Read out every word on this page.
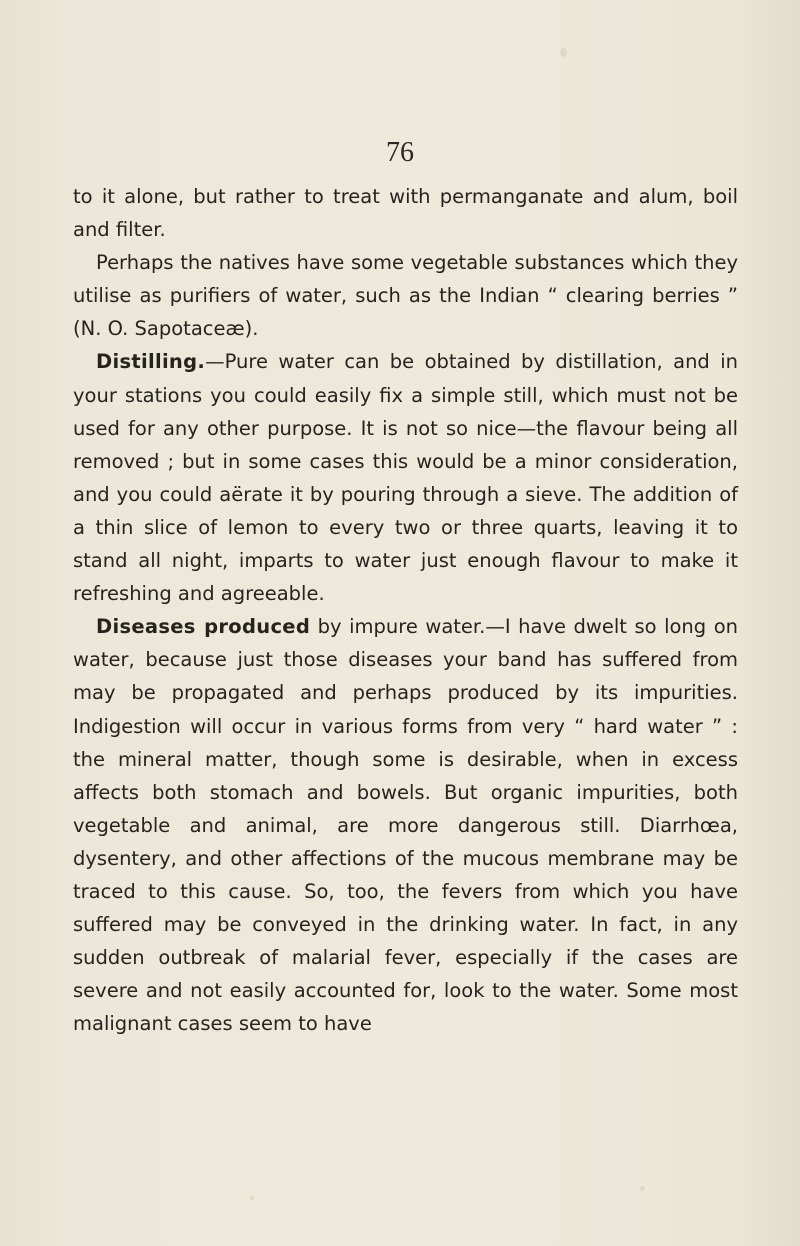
76

to it alone, but rather to treat with permanganate and alum, boil and filter.

Perhaps the natives have some vegetable substances which they utilise as purifiers of water, such as the Indian “ clearing berries ” (N. O. Sapotaceæ).

Distilling.—Pure water can be obtained by distillation, and in your stations you could easily fix a simple still, which must not be used for any other purpose. It is not so nice—the flavour being all removed ; but in some cases this would be a minor consideration, and you could aërate it by pouring through a sieve. The addition of a thin slice of lemon to every two or three quarts, leaving it to stand all night, imparts to water just enough flavour to make it refreshing and agreeable.

Diseases produced by impure water.—I have dwelt so long on water, because just those diseases your band has suffered from may be propagated and perhaps produced by its impurities. Indigestion will occur in various forms from very “ hard water ” : the mineral matter, though some is desirable, when in excess affects both stomach and bowels. But organic impurities, both vegetable and animal, are more dangerous still. Diarrhœa, dysentery, and other affections of the mucous membrane may be traced to this cause. So, too, the fevers from which you have suffered may be conveyed in the drinking water. In fact, in any sudden outbreak of malarial fever, especially if the cases are severe and not easily accounted for, look to the water. Some most malignant cases seem to have
